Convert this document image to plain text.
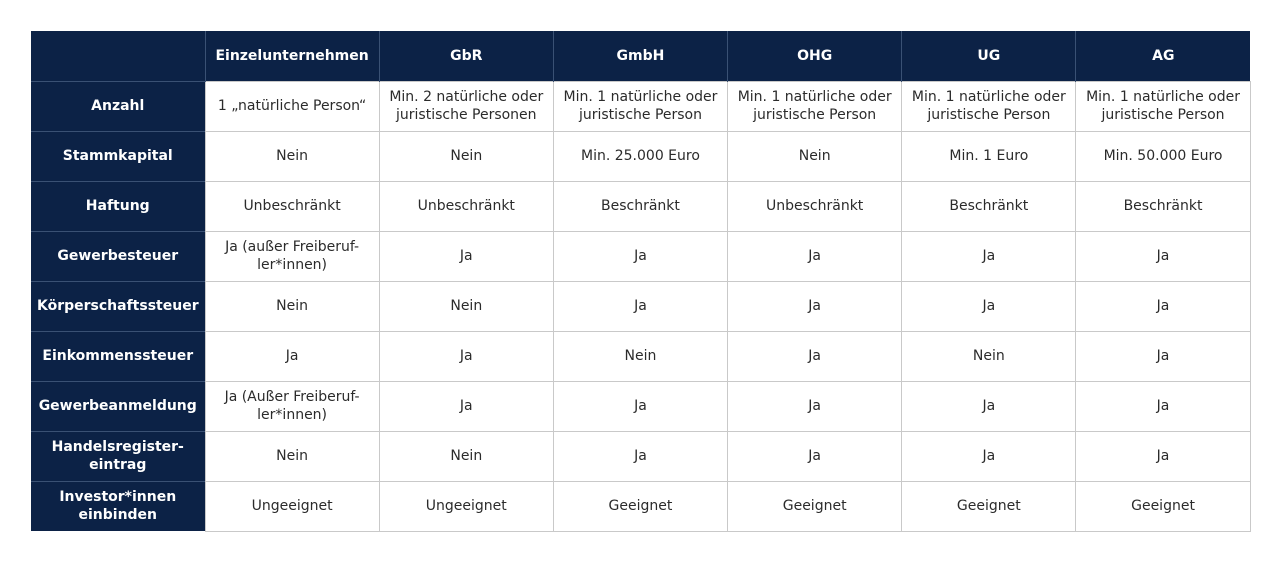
	Einzelunternehmen	GbR	GmbH	OHG	UG	AG
Anzahl	1 „natürliche Person“	Min. 2 natürliche oder juristische Personen	Min. 1 natürliche oder juristische Person	Min. 1 natürliche oder juristische Person	Min. 1 natürliche oder juristische Person	Min. 1 natürliche oder juristische Person
Stammkapital	Nein	Nein	Min. 25.000 Euro	Nein	Min. 1 Euro	Min. 50.000 Euro
Haftung	Unbeschränkt	Unbeschränkt	Beschränkt	Unbeschränkt	Beschränkt	Beschränkt
Gewerbesteuer	Ja (außer Freiberuf-ler*innen)	Ja	Ja	Ja	Ja	Ja
Körperschaftssteuer	Nein	Nein	Ja	Ja	Ja	Ja
Einkommenssteuer	Ja	Ja	Nein	Ja	Nein	Ja
Gewerbeanmeldung	Ja (Außer Freiberuf-ler*innen)	Ja	Ja	Ja	Ja	Ja
Handelsregister-eintrag	Nein	Nein	Ja	Ja	Ja	Ja
Investor*innen einbinden	Ungeeignet	Ungeeignet	Geeignet	Geeignet	Geeignet	Geeignet
